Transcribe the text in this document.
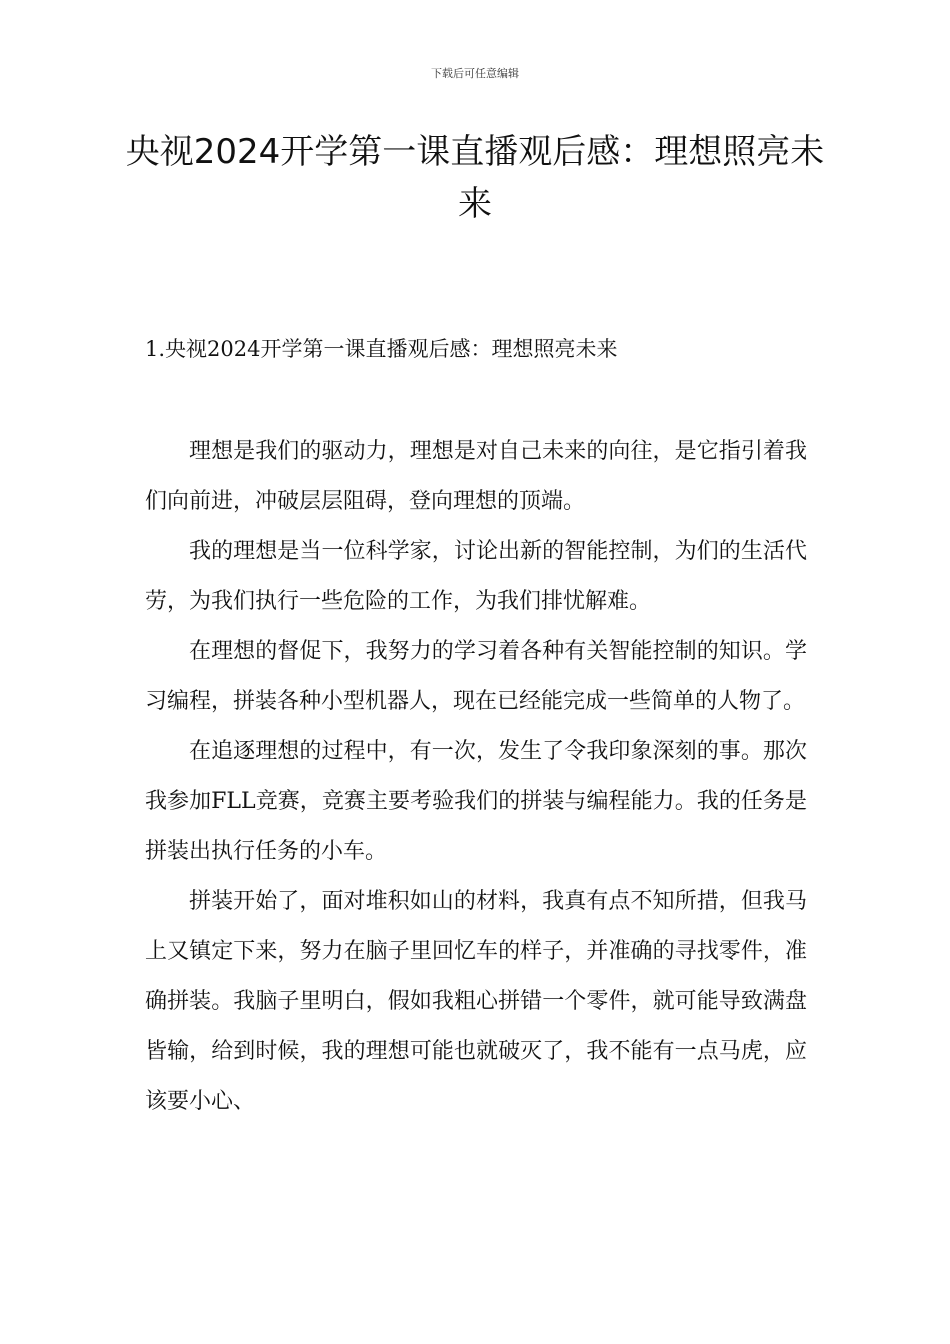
下载后可任意编辑
央视2024开学第一课直播观后感：理想照亮未来
1.央视2024开学第一课直播观后感：理想照亮未来

理想是我们的驱动力，理想是对自己未来的向往，是它指引着我们向前进，冲破层层阻碍，登向理想的顶端。

我的理想是当一位科学家，讨论出新的智能控制，为们的生活代劳，为我们执行一些危险的工作，为我们排忧解难。

在理想的督促下，我努力的学习着各种有关智能控制的知识。学习编程，拼装各种小型机器人，现在已经能完成一些简单的人物了。

在追逐理想的过程中，有一次，发生了令我印象深刻的事。那次我参加FLL竞赛，竞赛主要考验我们的拼装与编程能力。我的任务是拼装出执行任务的小车。

拼装开始了，面对堆积如山的材料，我真有点不知所措，但我马上又镇定下来，努力在脑子里回忆车的样子，并准确的寻找零件，准确拼装。我脑子里明白，假如我粗心拼错一个零件，就可能导致满盘皆输，给到时候，我的理想可能也就破灭了，我不能有一点马虎，应该要小心、
